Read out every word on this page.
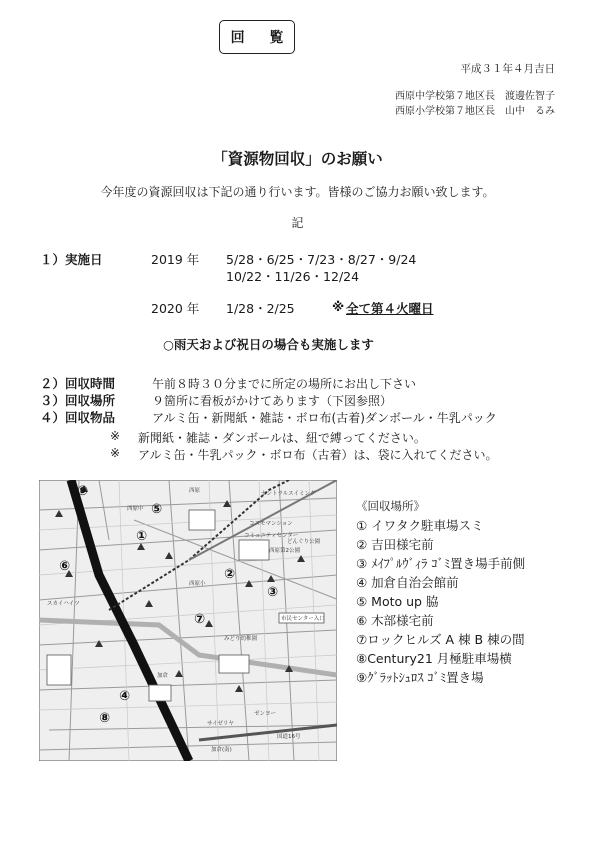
回 覧
平成３１年４月吉日
西原中学校第７地区長　渡邊佐智子
西原小学校第７地区長　山中　るみ
「資源物回収」のお願い
今年度の資源回収は下記の通り行います。皆様のご協力お願い致します。
記
１）実施日	2019 年 5/28・6/25・7/23・8/27・9/24
10/22・11/26・12/24
2020 年 1/28・2/25	※ 全て第４火曜日
○雨天および祝日の場合も実施します
２）回収時間	午前８時３０分までに所定の場所にお出し下さい
３）回収場所	９箇所に看板がかけてあります（下図参照）
４）回収物品	アルミ缶・新聞紙・雑誌・ボロ布(古着)ダンボール・牛乳パック
※ 新聞紙・雑誌・ダンボールは、紐で縛ってください。
※ アルミ缶・牛乳パック・ボロ布（古着）は、袋に入れてください。
国道16号
加倉
加倉(南)
西原
市民センター入口
西原中
西原小
スカイハイツ
コミュニティセンター
コスモマンション
セントラルスイミング
西原第2公園
みどり幼稚園
ゼンヨー
サイゼリヤ
どんぐり公園
①
②
③
④
⑤
⑥
⑦
⑧
⑨
《回収場所》
① イワタク駐車場スミ
② 吉田様宅前
③ ﾒｲﾌﾟﾙｳﾞｨﾗ ｺﾞﾐ置き場手前側
④ 加倉自治会館前
⑤ Moto up 脇
⑥ 木部様宅前
⑦ロックヒルズ A 棟 B 棟の間
⑧Century21 月極駐車場横
⑨ｸﾞﾗｯﾄｼｭﾛｽ ｺﾞﾐ置き場
